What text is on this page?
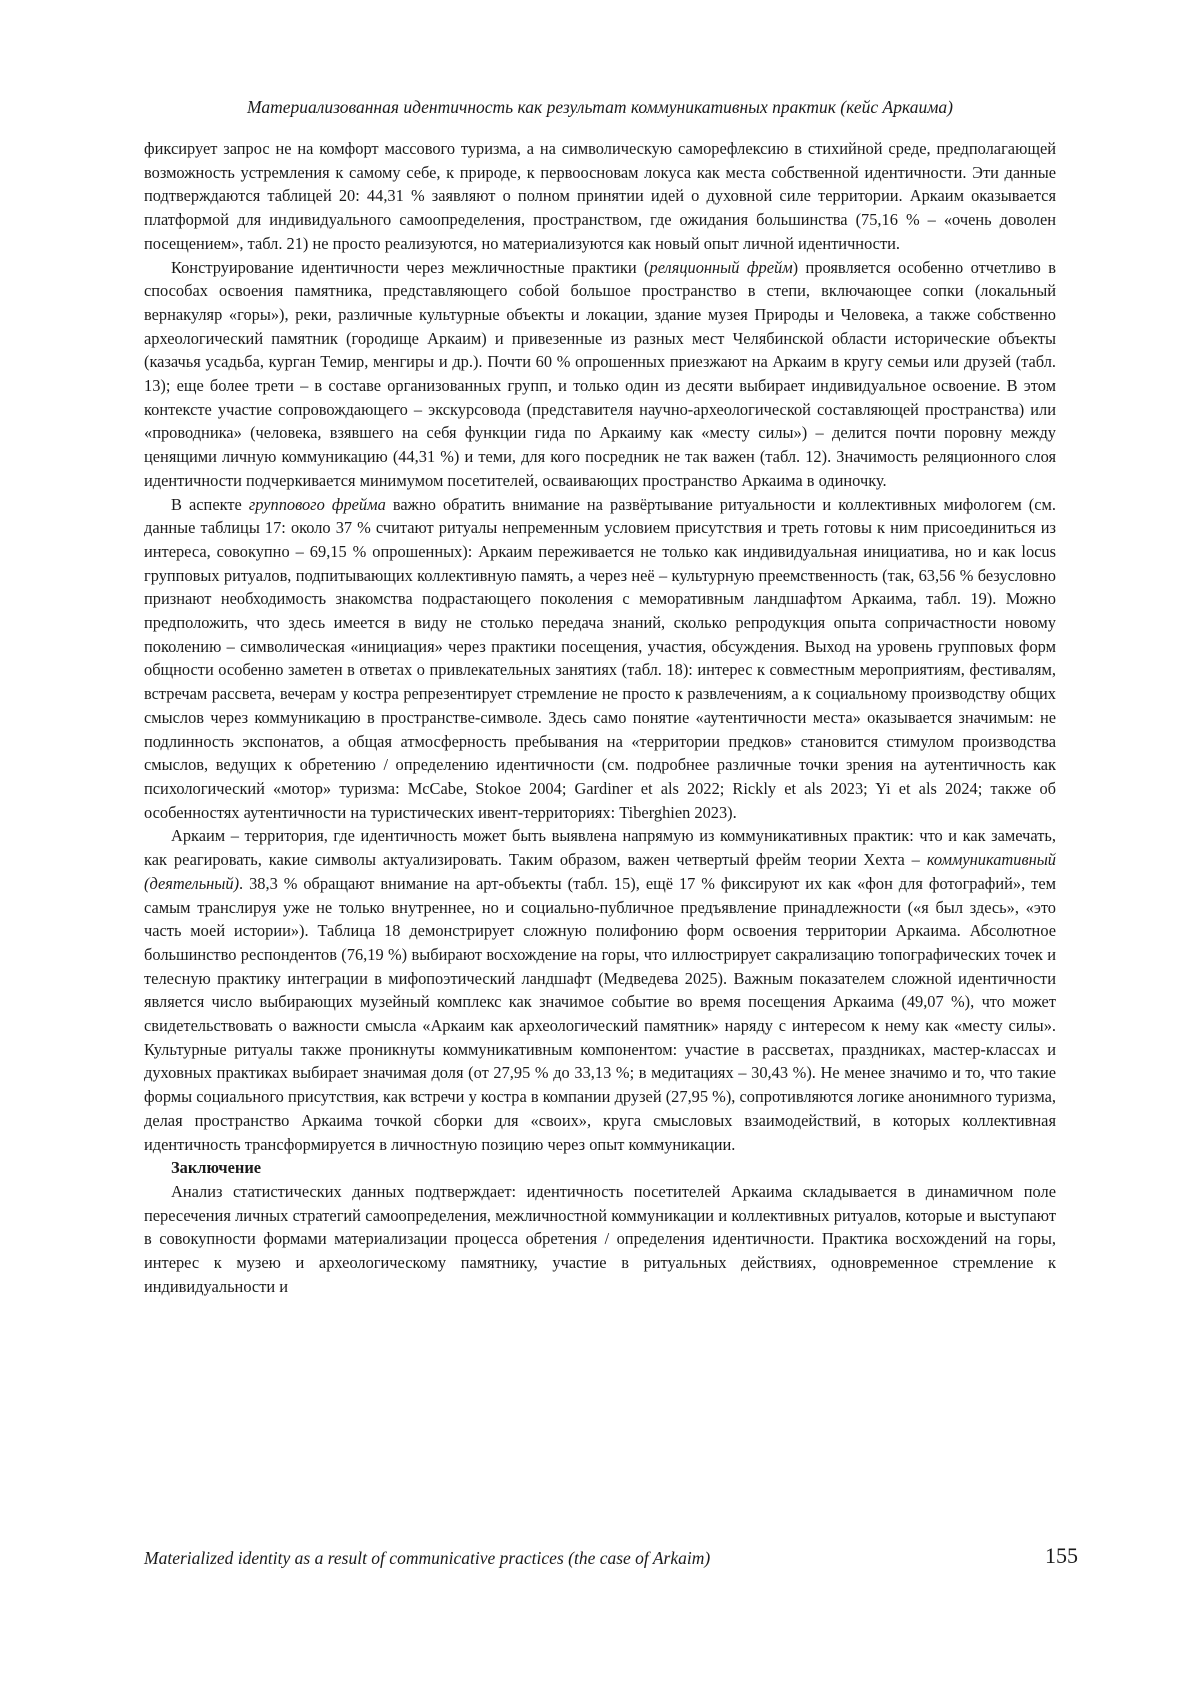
Материализованная идентичность как результат коммуникативных практик (кейс Аркаима)

фиксирует запрос не на комфорт массового туризма, а на символическую саморефлексию в стихийной среде, предполагающей возможность устремления к самому себе, к природе, к первоосновам локуса как места собственной идентичности. Эти данные подтверждаются таблицей 20: 44,31 % заявляют о полном принятии идей о духовной силе территории. Аркаим оказывается платформой для индивидуального самоопределения, пространством, где ожидания большинства (75,16 % – «очень доволен посещением», табл. 21) не просто реализуются, но материализуются как новый опыт личной идентичности.

Конструирование идентичности через межличностные практики (реляционный фрейм) проявляется особенно отчетливо в способах освоения памятника, представляющего собой большое пространство в степи, включающее сопки (локальный вернакуляр «горы»), реки, различные культурные объекты и локации, здание музея Природы и Человека, а также собственно археологический памятник (городище Аркаим) и привезенные из разных мест Челябинской области исторические объекты (казачья усадьба, курган Темир, менгиры и др.). Почти 60 % опрошенных приезжают на Аркаим в кругу семьи или друзей (табл. 13); еще более трети – в составе организованных групп, и только один из десяти выбирает индивидуальное освоение. В этом контексте участие сопровождающего – экскурсовода (представителя научно-археологической составляющей пространства) или «проводника» (человека, взявшего на себя функции гида по Аркаиму как «месту силы») – делится почти поровну между ценящими личную коммуникацию (44,31 %) и теми, для кого посредник не так важен (табл. 12). Значимость реляционного слоя идентичности подчеркивается минимумом посетителей, осваивающих пространство Аркаима в одиночку.

В аспекте группового фрейма важно обратить внимание на развёртывание ритуальности и коллективных мифологем (см. данные таблицы 17: около 37 % считают ритуалы непременным условием присутствия и треть готовы к ним присоединиться из интереса, совокупно – 69,15 % опрошенных): Аркаим переживается не только как индивидуальная инициатива, но и как locus групповых ритуалов, подпитывающих коллективную память, а через неё – культурную преемственность (так, 63,56 % безусловно признают необходимость знакомства подрастающего поколения с меморативным ландшафтом Аркаима, табл. 19). Можно предположить, что здесь имеется в виду не столько передача знаний, сколько репродукция опыта сопричастности новому поколению – символическая «инициация» через практики посещения, участия, обсуждения. Выход на уровень групповых форм общности особенно заметен в ответах о привлекательных занятиях (табл. 18): интерес к совместным мероприятиям, фестивалям, встречам рассвета, вечерам у костра репрезентирует стремление не просто к развлечениям, а к социальному производству общих смыслов через коммуникацию в пространстве-символе. Здесь само понятие «аутентичности места» оказывается значимым: не подлинность экспонатов, а общая атмосферность пребывания на «территории предков» становится стимулом производства смыслов, ведущих к обретению / определению идентичности (см. подробнее различные точки зрения на аутентичность как психологический «мотор» туризма: McCabe, Stokoe 2004; Gardiner et als 2022; Rickly et als 2023; Yi et als 2024; также об особенностях аутентичности на туристических ивент-территориях: Tiberghien 2023).

Аркаим – территория, где идентичность может быть выявлена напрямую из коммуникативных практик: что и как замечать, как реагировать, какие символы актуализировать. Таким образом, важен четвертый фрейм теории Хехта – коммуникативный (деятельный). 38,3 % обращают внимание на арт-объекты (табл. 15), ещё 17 % фиксируют их как «фон для фотографий», тем самым транслируя уже не только внутреннее, но и социально-публичное предъявление принадлежности («я был здесь», «это часть моей истории»). Таблица 18 демонстрирует сложную полифонию форм освоения территории Аркаима. Абсолютное большинство респондентов (76,19 %) выбирают восхождение на горы, что иллюстрирует сакрализацию топографических точек и телесную практику интеграции в мифопоэтический ландшафт (Медведева 2025). Важным показателем сложной идентичности является число выбирающих музейный комплекс как значимое событие во время посещения Аркаима (49,07 %), что может свидетельствовать о важности смысла «Аркаим как археологический памятник» наряду с интересом к нему как «месту силы». Культурные ритуалы также проникнуты коммуникативным компонентом: участие в рассветах, праздниках, мастер-классах и духовных практиках выбирает значимая доля (от 27,95 % до 33,13 %; в медитациях – 30,43 %). Не менее значимо и то, что такие формы социального присутствия, как встречи у костра в компании друзей (27,95 %), сопротивляются логике анонимного туризма, делая пространство Аркаима точкой сборки для «своих», круга смысловых взаимодействий, в которых коллективная идентичность трансформируется в личностную позицию через опыт коммуникации.

Заключение

Анализ статистических данных подтверждает: идентичность посетителей Аркаима складывается в динамичном поле пересечения личных стратегий самоопределения, межличностной коммуникации и коллективных ритуалов, которые и выступают в совокупности формами материализации процесса обретения / определения идентичности. Практика восхождений на горы, интерес к музею и археологическому памятнику, участие в ритуальных действиях, одновременное стремление к индивидуальности и

Materialized identity as a result of communicative practices (the case of Arkaim)	155
